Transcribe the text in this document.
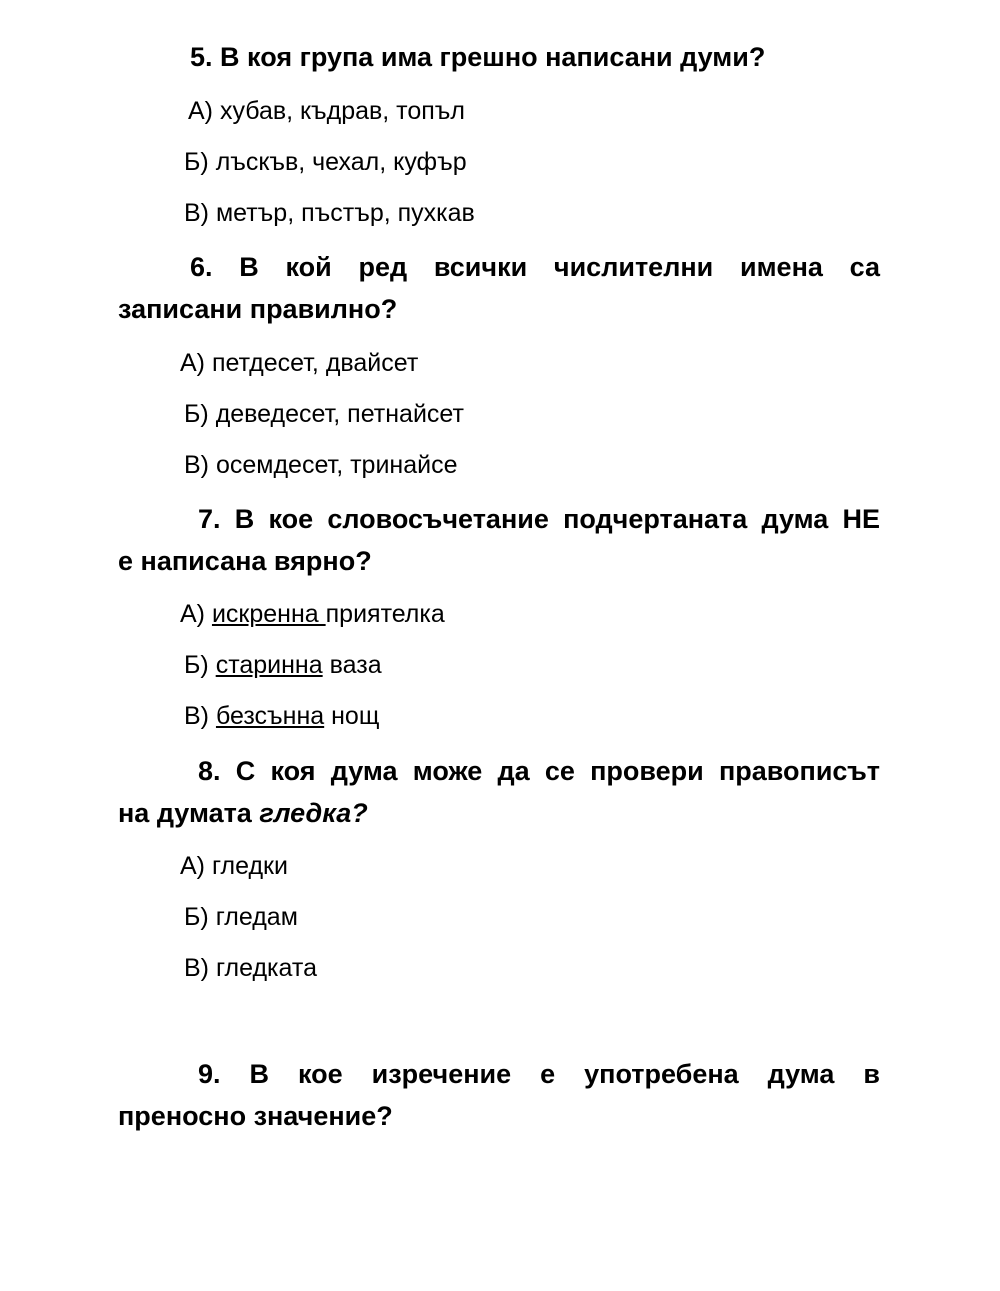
5. В коя група има грешно написани думи?
А) хубав, къдрав, топъл
Б) лъскъв, чехал, куфър
В) метър, пъстър, пухкав
6. В кой ред всички числителни имена са
записани правилно?
А) петдесет, двайсет
Б) деведесет, петнайсет
В) осемдесет, тринайсе
7. В кое словосъчетание подчертаната дума НЕ
е написана вярно?
А) искренна приятелка
Б) старинна ваза
В) безсънна нощ
8. С коя дума може да се провери правописът
на думата гледка?
А) гледки
Б) гледам
В) гледката
9. В кое изречение е употребена дума в
преносно значение?
